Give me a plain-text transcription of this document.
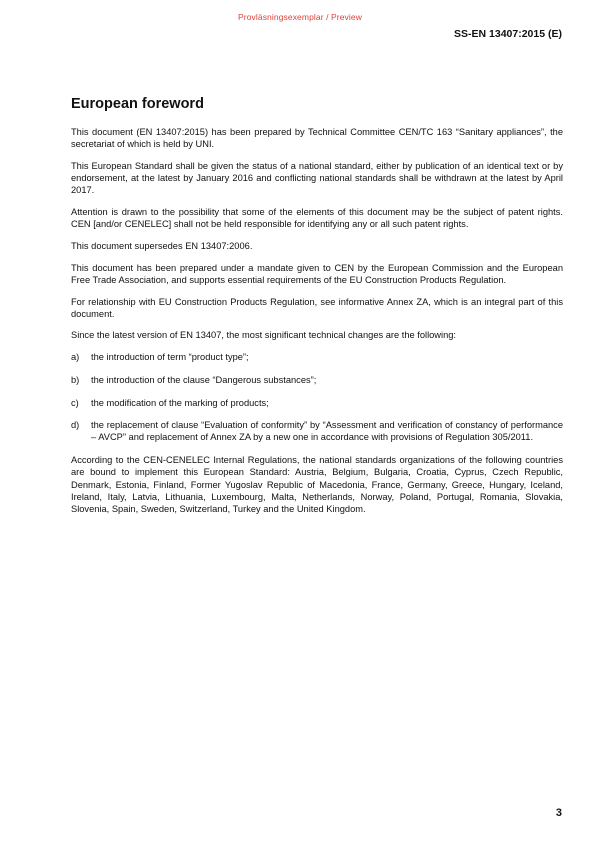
Provläsningsexemplar / Preview
SS-EN 13407:2015 (E)
European foreword

This document (EN 13407:2015) has been prepared by Technical Committee CEN/TC 163 “Sanitary appliances”, the secretariat of which is held by UNI.

This European Standard shall be given the status of a national standard, either by publication of an identical text or by endorsement, at the latest by January 2016 and conflicting national standards shall be withdrawn at the latest by April 2017.

Attention is drawn to the possibility that some of the elements of this document may be the subject of patent rights. CEN [and/or CENELEC] shall not be held responsible for identifying any or all such patent rights.

This document supersedes EN 13407:2006.

This document has been prepared under a mandate given to CEN by the European Commission and the European Free Trade Association, and supports essential requirements of the EU Construction Products Regulation.

For relationship with EU Construction Products Regulation, see informative Annex ZA, which is an integral part of this document.

Since the latest version of EN 13407, the most significant technical changes are the following:

a)	the introduction of term “product type”;
b)	the introduction of the clause “Dangerous substances”;
c)	the modification of the marking of products;
d)	the replacement of clause “Evaluation of conformity” by “Assessment and verification of constancy of performance – AVCP” and replacement of Annex ZA by a new one in accordance with provisions of Regulation 305/2011.

According to the CEN-CENELEC Internal Regulations, the national standards organizations of the following countries are bound to implement this European Standard: Austria, Belgium, Bulgaria, Croatia, Cyprus, Czech Republic, Denmark, Estonia, Finland, Former Yugoslav Republic of Macedonia, France, Germany, Greece, Hungary, Iceland, Ireland, Italy, Latvia, Lithuania, Luxembourg, Malta, Netherlands, Norway, Poland, Portugal, Romania, Slovakia, Slovenia, Spain, Sweden, Switzerland, Turkey and the United Kingdom.

3
